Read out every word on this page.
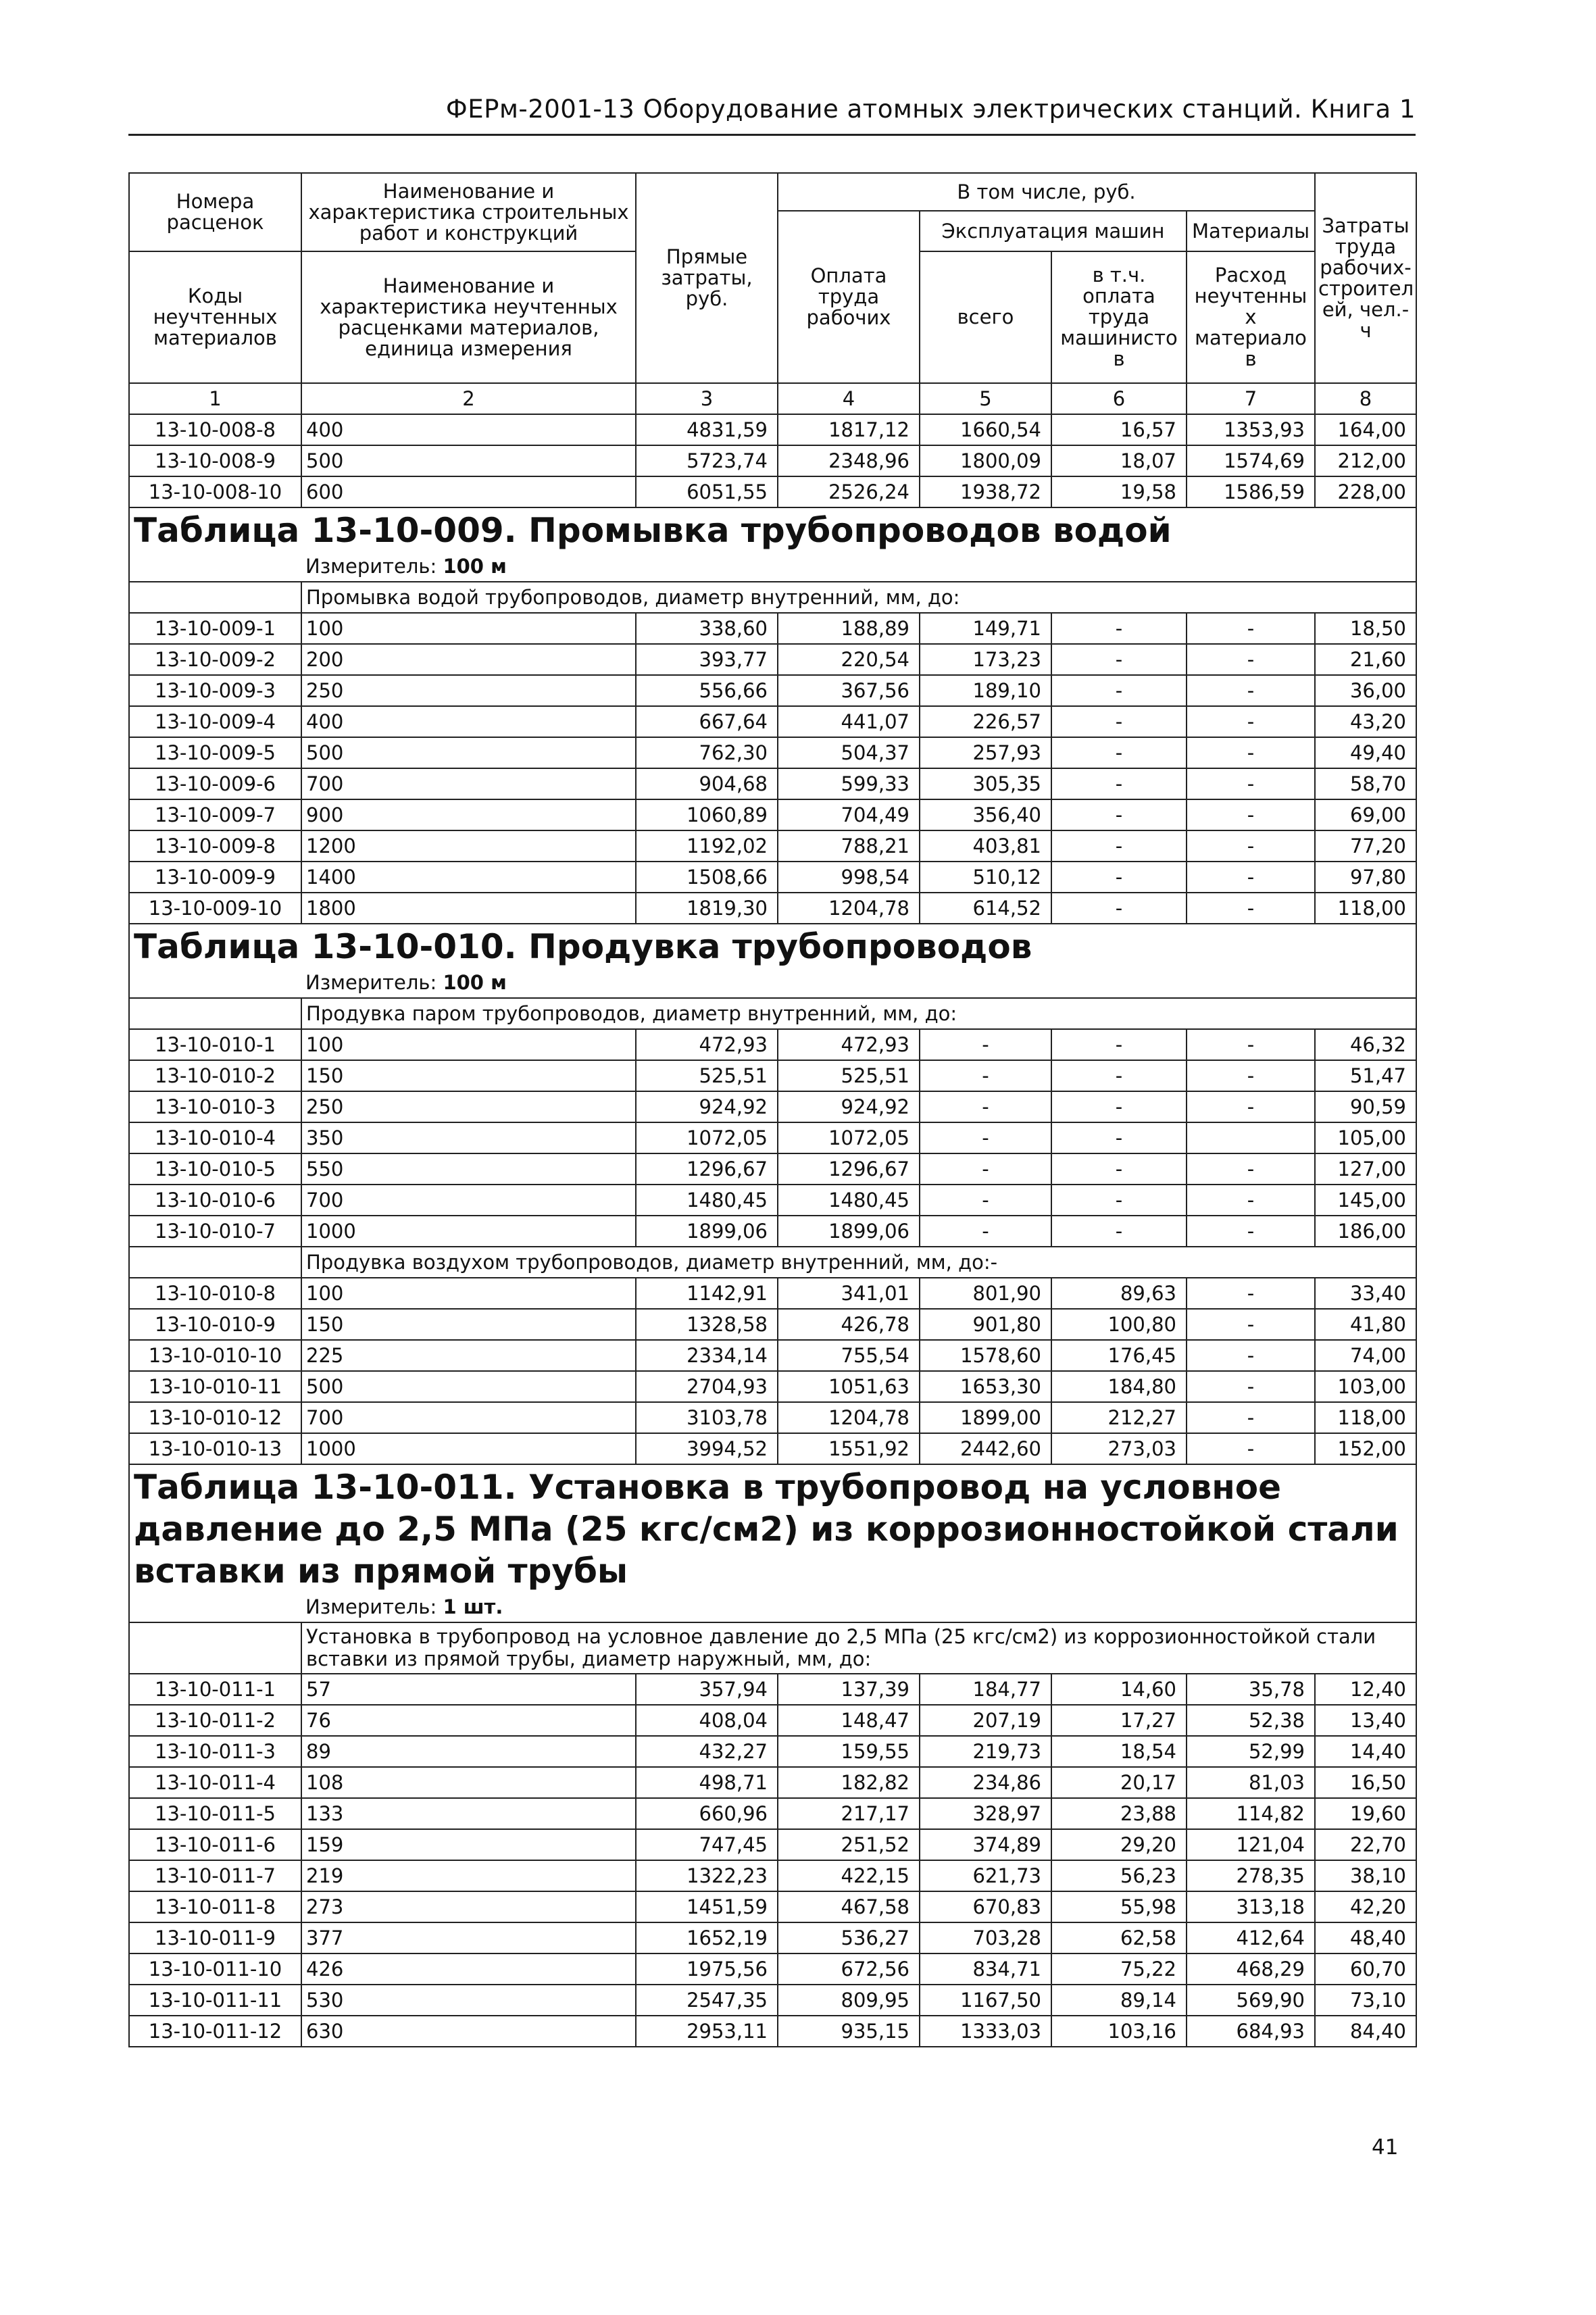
ФЕРм-2001-13 Оборудование атомных электрических станций. Книга 1
Номера расценок	Наименование и характеристика строительных работ и конструкций	Прямые затраты, руб.	В том числе, руб.				Затраты труда рабочих-строител ей, чел.-ч
			Оплата труда рабочих	Эксплуатация машин		Материалы	
Коды неучтенных материалов	Наименование и характеристика неучтенных расценками материалов, единица измерения			всего	в т.ч. оплата труда машинисто в	Расход неучтенны х материало в	
1	2	3	4	5	6	7	8
13-10-008-8	400	4831,59	1817,12	1660,54	16,57	1353,93	164,00
13-10-008-9	500	5723,74	2348,96	1800,09	18,07	1574,69	212,00
13-10-008-10	600	6051,55	2526,24	1938,72	19,58	1586,59	228,00
Таблица 13-10-009. Промывка трубопроводов водой							
	Измеритель: 100 м						
	Промывка водой трубопроводов, диаметр внутренний, мм, до:						
13-10-009-1	100	338,60	188,89	149,71	-	-	18,50
13-10-009-2	200	393,77	220,54	173,23	-	-	21,60
13-10-009-3	250	556,66	367,56	189,10	-	-	36,00
13-10-009-4	400	667,64	441,07	226,57	-	-	43,20
13-10-009-5	500	762,30	504,37	257,93	-	-	49,40
13-10-009-6	700	904,68	599,33	305,35	-	-	58,70
13-10-009-7	900	1060,89	704,49	356,40	-	-	69,00
13-10-009-8	1200	1192,02	788,21	403,81	-	-	77,20
13-10-009-9	1400	1508,66	998,54	510,12	-	-	97,80
13-10-009-10	1800	1819,30	1204,78	614,52	-	-	118,00
Таблица 13-10-010. Продувка трубопроводов							
	Измеритель: 100 м						
	Продувка паром трубопроводов, диаметр внутренний, мм, до:						
13-10-010-1	100	472,93	472,93	-	-	-	46,32
13-10-010-2	150	525,51	525,51	-	-	-	51,47
13-10-010-3	250	924,92	924,92	-	-	-	90,59
13-10-010-4	350	1072,05	1072,05	-	-		105,00
13-10-010-5	550	1296,67	1296,67	-	-	-	127,00
13-10-010-6	700	1480,45	1480,45	-	-	-	145,00
13-10-010-7	1000	1899,06	1899,06	-	-	-	186,00
	Продувка воздухом трубопроводов, диаметр внутренний, мм, до:-						
13-10-010-8	100	1142,91	341,01	801,90	89,63	-	33,40
13-10-010-9	150	1328,58	426,78	901,80	100,80	-	41,80
13-10-010-10	225	2334,14	755,54	1578,60	176,45	-	74,00
13-10-010-11	500	2704,93	1051,63	1653,30	184,80	-	103,00
13-10-010-12	700	3103,78	1204,78	1899,00	212,27	-	118,00
13-10-010-13	1000	3994,52	1551,92	2442,60	273,03	-	152,00
Таблица 13-10-011. Установка в трубопровод на условное давление до 2,5 МПа (25 кгс/см2) из коррозионностойкой стали вставки из прямой трубы							
	Измеритель: 1 шт.						
	Установка в трубопровод на условное давление до 2,5 МПа (25 кгс/см2) из коррозионностойкой стали вставки из прямой трубы, диаметр наружный, мм, до:						
13-10-011-1	57	357,94	137,39	184,77	14,60	35,78	12,40
13-10-011-2	76	408,04	148,47	207,19	17,27	52,38	13,40
13-10-011-3	89	432,27	159,55	219,73	18,54	52,99	14,40
13-10-011-4	108	498,71	182,82	234,86	20,17	81,03	16,50
13-10-011-5	133	660,96	217,17	328,97	23,88	114,82	19,60
13-10-011-6	159	747,45	251,52	374,89	29,20	121,04	22,70
13-10-011-7	219	1322,23	422,15	621,73	56,23	278,35	38,10
13-10-011-8	273	1451,59	467,58	670,83	55,98	313,18	42,20
13-10-011-9	377	1652,19	536,27	703,28	62,58	412,64	48,40
13-10-011-10	426	1975,56	672,56	834,71	75,22	468,29	60,70
13-10-011-11	530	2547,35	809,95	1167,50	89,14	569,90	73,10
13-10-011-12	630	2953,11	935,15	1333,03	103,16	684,93	84,40
41
